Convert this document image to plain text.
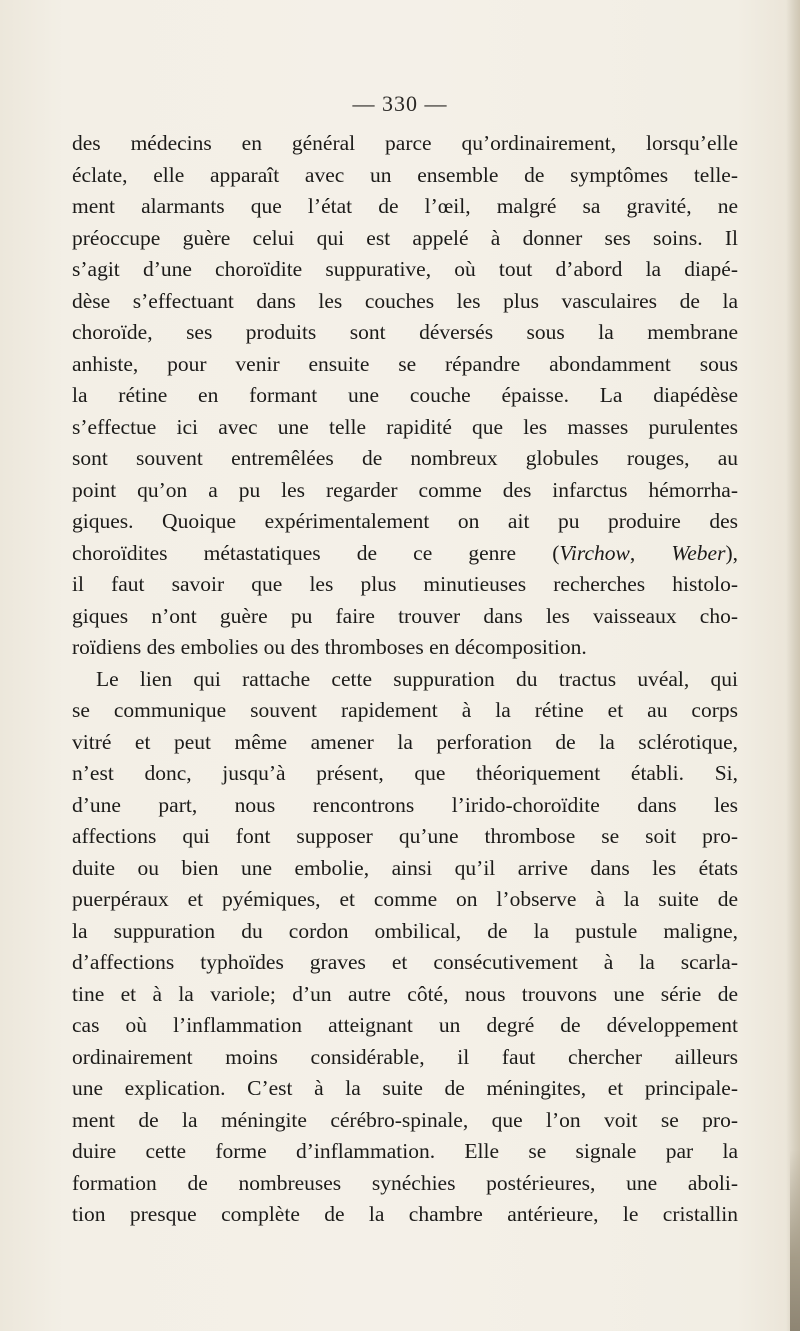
— 330 —
des médecins en général parce qu’ordinairement, lorsqu’elle
éclate, elle apparaît avec un ensemble de symptômes telle-
ment alarmants que l’état de l’œil, malgré sa gravité, ne
préoccupe guère celui qui est appelé à donner ses soins. Il
s’agit d’une choroïdite suppurative, où tout d’abord la diapé-
dèse s’effectuant dans les couches les plus vasculaires de la
choroïde, ses produits sont déversés sous la membrane
anhiste, pour venir ensuite se répandre abondamment sous
la rétine en formant une couche épaisse. La diapédèse
s’effectue ici avec une telle rapidité que les masses purulentes
sont souvent entremêlées de nombreux globules rouges, au
point qu’on a pu les regarder comme des infarctus hémorrha-
giques. Quoique expérimentalement on ait pu produire des
choroïdites métastatiques de ce genre (Virchow, Weber),
il faut savoir que les plus minutieuses recherches histolo-
giques n’ont guère pu faire trouver dans les vaisseaux cho-
roïdiens des embolies ou des thromboses en décomposition.
Le lien qui rattache cette suppuration du tractus uvéal, qui
se communique souvent rapidement à la rétine et au corps
vitré et peut même amener la perforation de la sclérotique,
n’est donc, jusqu’à présent, que théoriquement établi. Si,
d’une part, nous rencontrons l’irido-choroïdite dans les
affections qui font supposer qu’une thrombose se soit pro-
duite ou bien une embolie, ainsi qu’il arrive dans les états
puerpéraux et pyémiques, et comme on l’observe à la suite de
la suppuration du cordon ombilical, de la pustule maligne,
d’affections typhoïdes graves et consécutivement à la scarla-
tine et à la variole; d’un autre côté, nous trouvons une série de
cas où l’inflammation atteignant un degré de développement
ordinairement moins considérable, il faut chercher ailleurs
une explication. C’est à la suite de méningites, et principale-
ment de la méningite cérébro-spinale, que l’on voit se pro-
duire cette forme d’inflammation. Elle se signale par la
formation de nombreuses synéchies postérieures, une aboli-
tion presque complète de la chambre antérieure, le cristallin
